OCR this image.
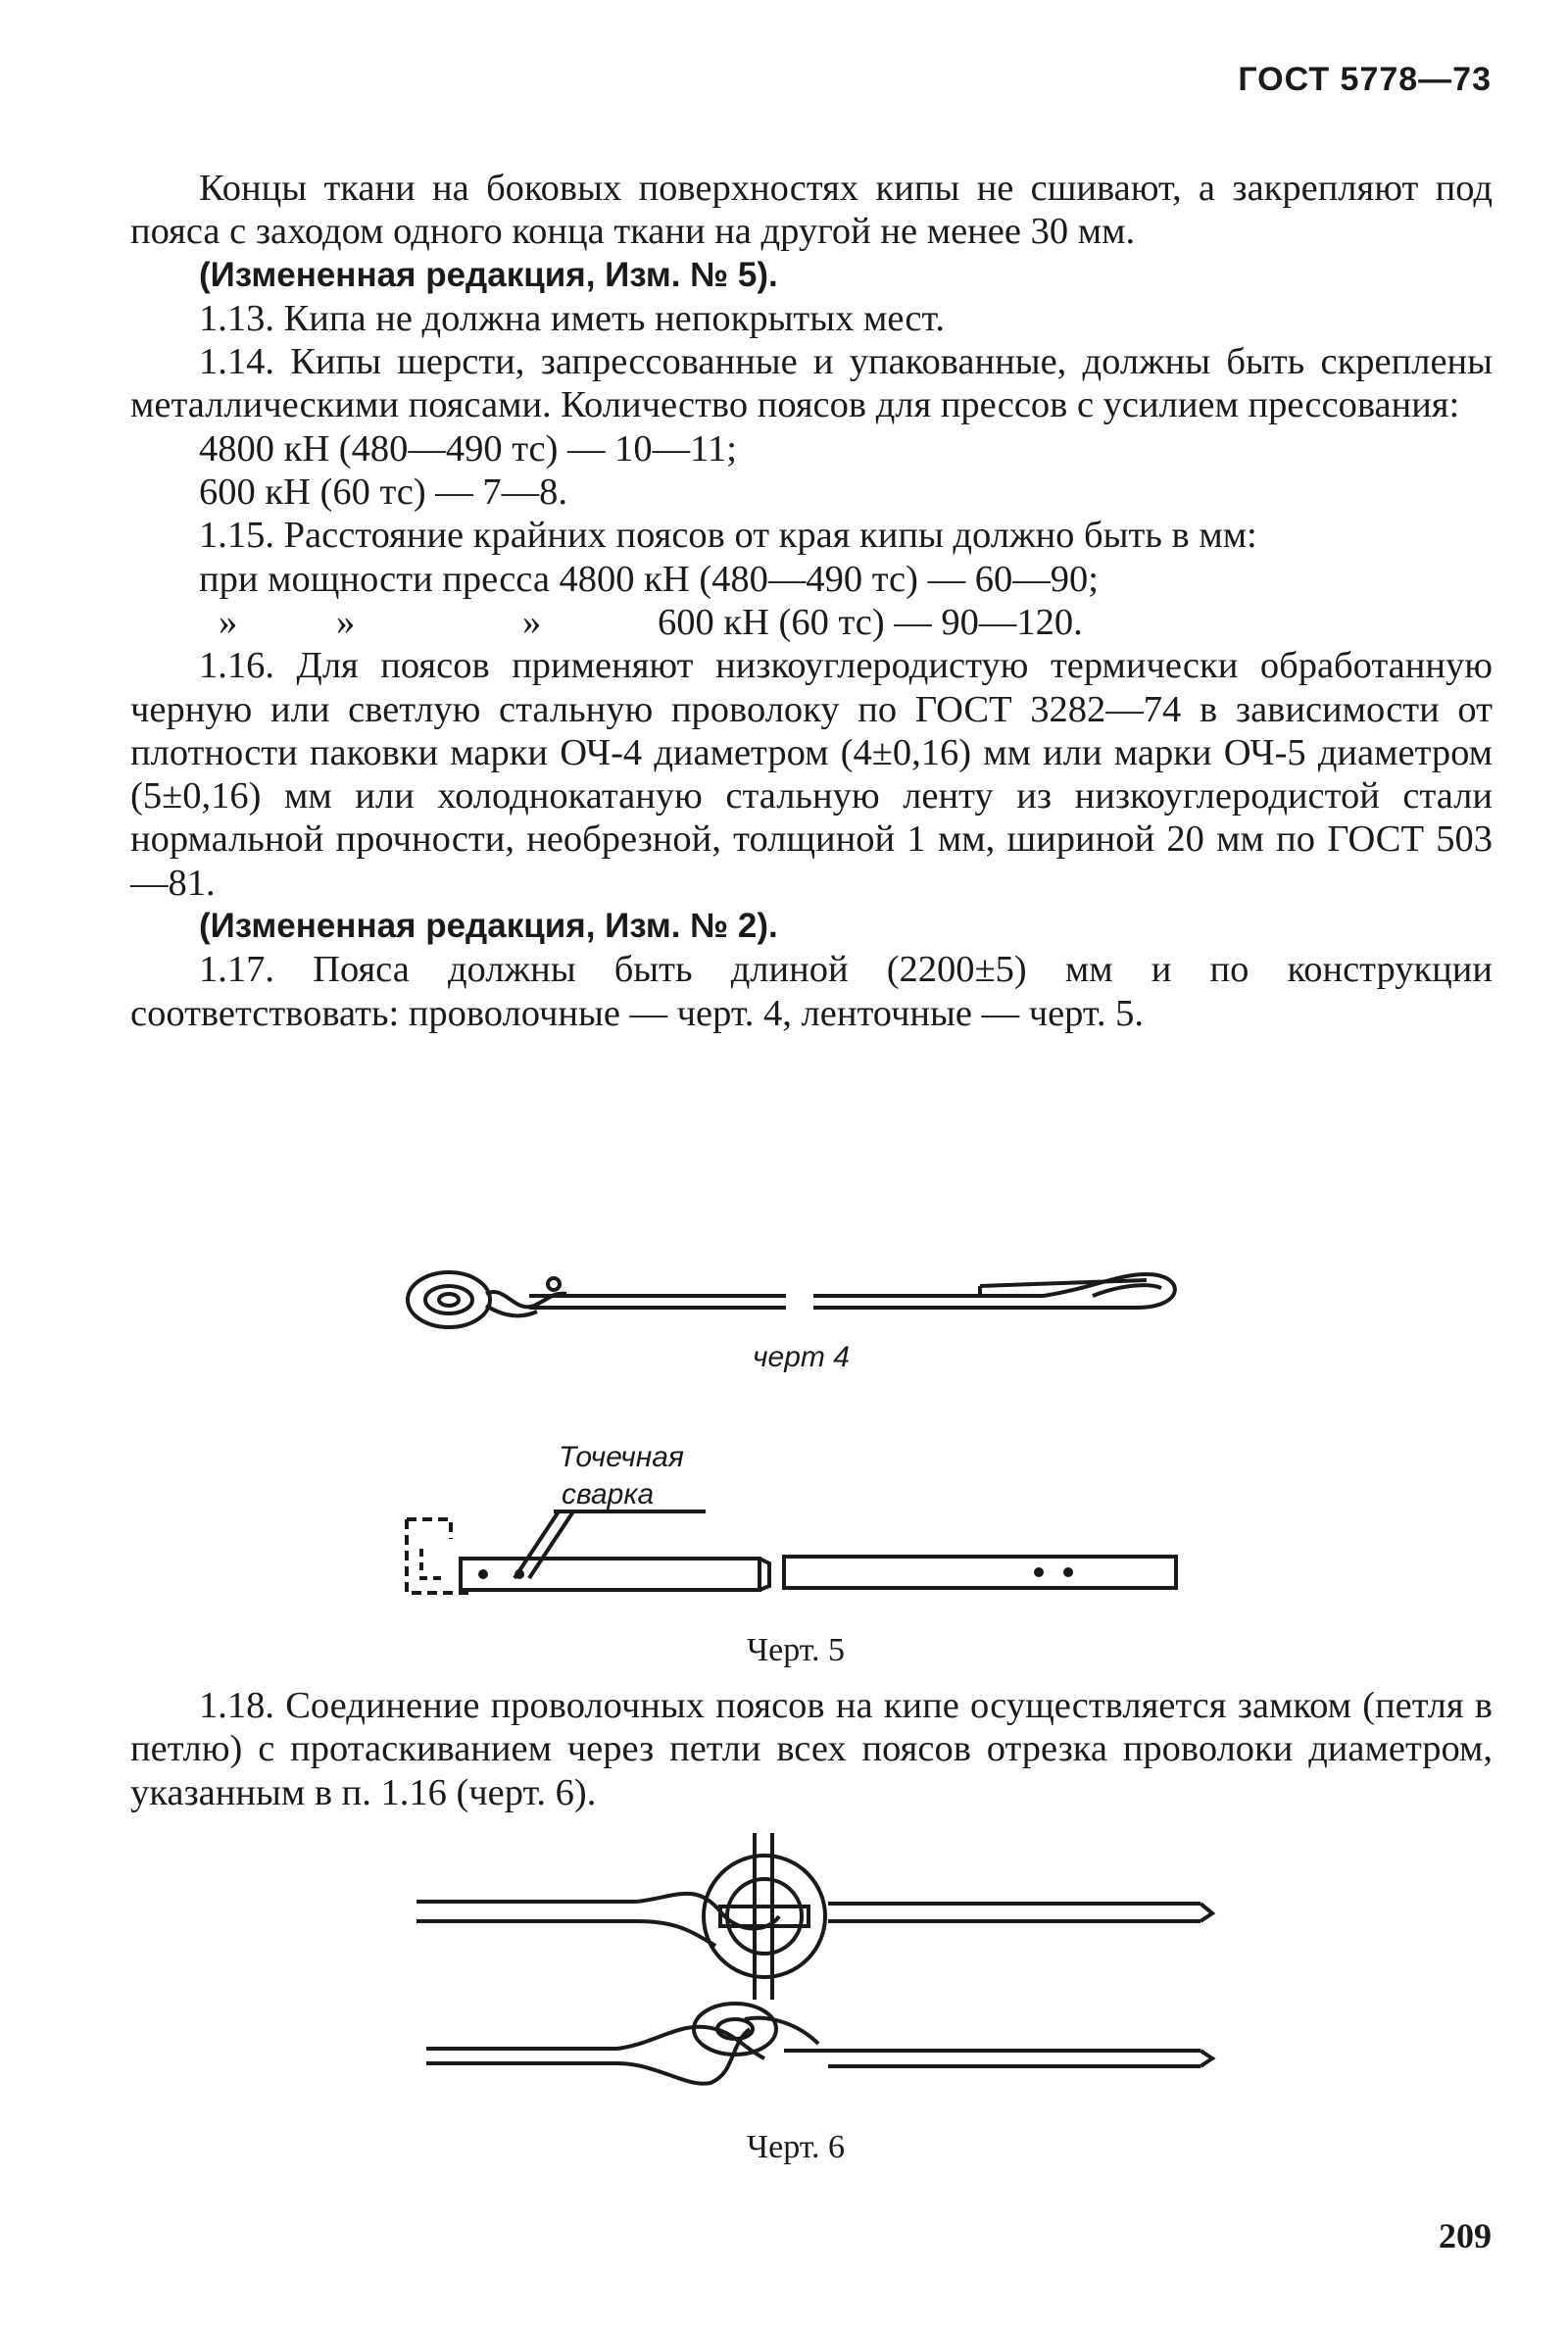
ГОСТ 5778—73

Концы ткани на боковых поверхностях кипы не сшивают, а закрепляют под пояса с заходом одного конца ткани на другой не менее 30 мм.

(Измененная редакция, Изм. № 5).

1.13. Кипа не должна иметь непокрытых мест.

1.14. Кипы шерсти, запрессованные и упакованные, должны быть скреплены металлическими поясами. Количество поясов для прессов с усилием прессования:

4800 кН (480—490 тс) — 10—11;

600 кН (60 тс) — 7—8.

1.15. Расстояние крайних поясов от края кипы должно быть в мм:

при мощности пресса 4800 кН (480—490 тс) — 60—90;

»	»	»	600 кН (60 тс) — 90—120.

1.16. Для поясов применяют низкоуглеродистую термически обработанную черную или светлую стальную проволоку по ГОСТ 3282—74 в зависимости от плотности паковки марки ОЧ-4 диаметром (4±0,16) мм или марки ОЧ-5 диаметром (5±0,16) мм или холоднокатаную стальную ленту из низкоуглеродистой стали нормальной прочности, необрезной, толщиной 1 мм, шириной 20 мм по ГОСТ 503—81.

(Измененная редакция, Изм. № 2).

1.17. Пояса должны быть длиной (2200±5) мм и по конструкции соответствовать: проволочные — черт. 4, ленточные — черт. 5.

черт 4
Точечная
сварка
Черт. 5

1.18. Соединение проволочных поясов на кипе осуществляется замком (петля в петлю) с протаскиванием через петли всех поясов отрезка проволоки диаметром, указанным в п. 1.16 (черт. 6).

Черт. 6
209
